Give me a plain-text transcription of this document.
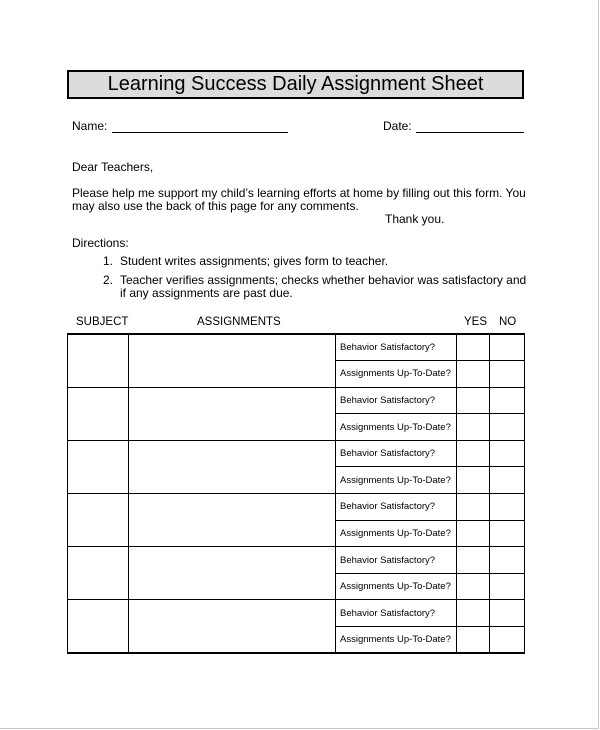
Learning Success Daily Assignment Sheet
Name:	Date:
Dear Teachers,
Please help me support my child’s learning efforts at home by filling out this form. You
may also use the back of this page for any comments.
Thank you.
Directions:
1. Student writes assignments; gives form to teacher.
2. Teacher verifies assignments; checks whether behavior was satisfactory and
if any assignments are past due.
SUBJECT	ASSIGNMENTS	YES NO
		Behavior Satisfactory?		
		Assignments Up-To-Date?		
		Behavior Satisfactory?		
		Assignments Up-To-Date?		
		Behavior Satisfactory?		
		Assignments Up-To-Date?		
		Behavior Satisfactory?		
		Assignments Up-To-Date?		
		Behavior Satisfactory?		
		Assignments Up-To-Date?		
		Behavior Satisfactory?		
		Assignments Up-To-Date?		
